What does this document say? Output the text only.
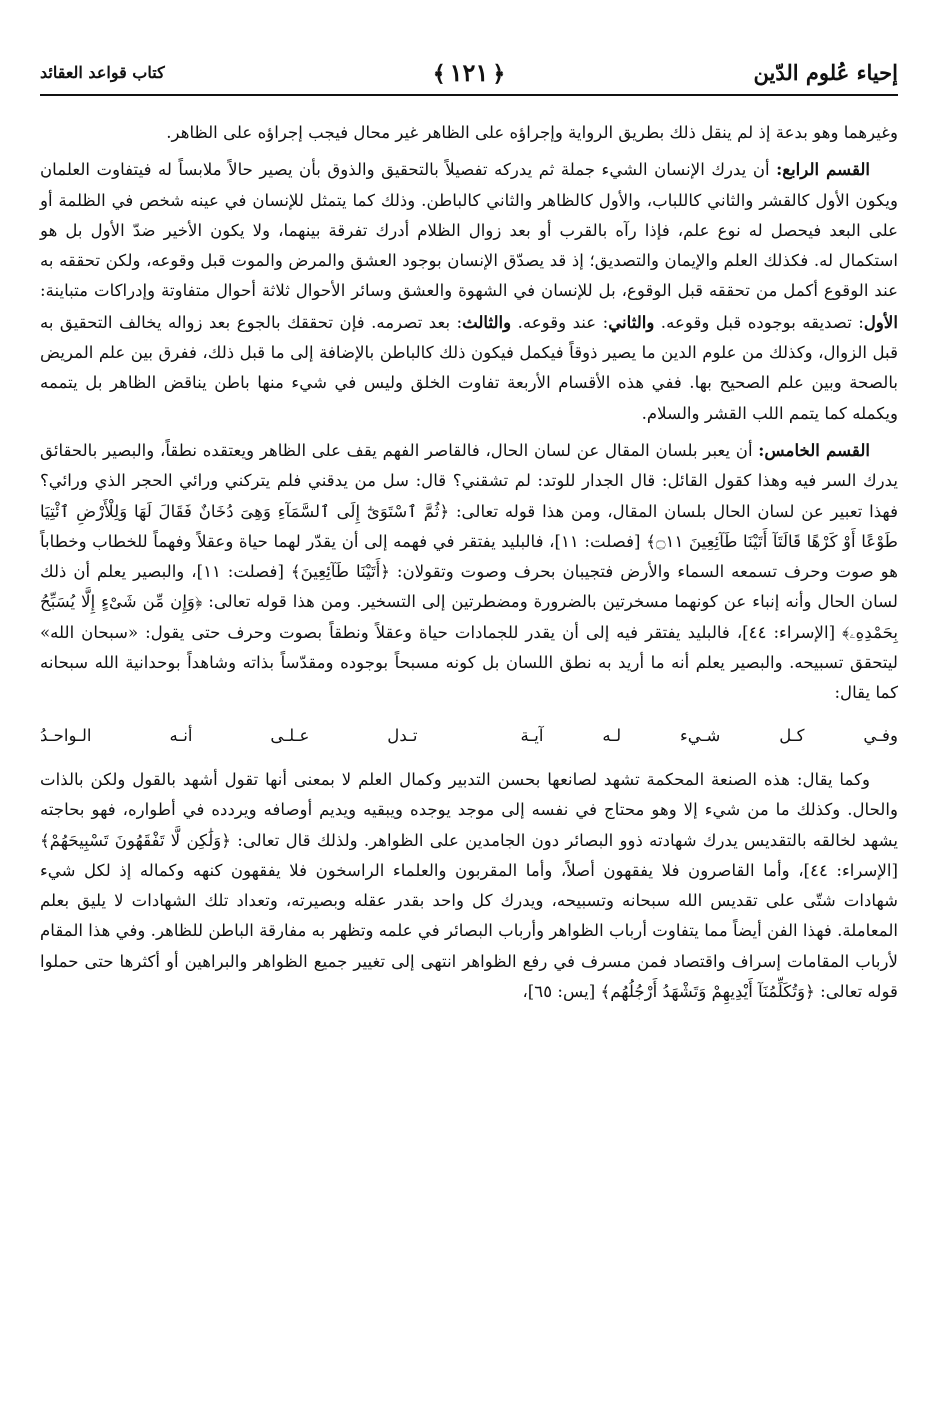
إحياء عُلوم الدّين
﴿١٢١﴾
كتاب قواعد العقائد

وغيرهما وهو بدعة إذ لم ينقل ذلك بطريق الرواية وإجراؤه على الظاهر غير محال فيجب إجراؤه على الظاهر.

القسم الرابع: أن يدرك الإنسان الشيء جملة ثم يدركه تفصيلاً بالتحقيق والذوق بأن يصير حالاً ملابساً له فيتفاوت العلمان ويكون الأول كالقشر والثاني كاللباب، والأول كالظاهر والثاني كالباطن. وذلك كما يتمثل للإنسان في عينه شخص في الظلمة أو على البعد فيحصل له نوع علم، فإذا رآه بالقرب أو بعد زوال الظلام أدرك تفرقة بينهما، ولا يكون الأخير ضدّ الأول بل هو استكمال له. فكذلك العلم والإيمان والتصديق؛ إذ قد يصدّق الإنسان بوجود العشق والمرض والموت قبل وقوعه، ولكن تحققه به عند الوقوع أكمل من تحققه قبل الوقوع، بل للإنسان في الشهوة والعشق وسائر الأحوال ثلاثة أحوال متفاوتة وإدراكات متباينة: الأول: تصديقه بوجوده قبل وقوعه. والثاني: عند وقوعه. والثالث: بعد تصرمه. فإن تحققك بالجوع بعد زواله يخالف التحقيق به قبل الزوال، وكذلك من علوم الدين ما يصير ذوقاً فيكمل فيكون ذلك كالباطن بالإضافة إلى ما قبل ذلك، ففرق بين علم المريض بالصحة وبين علم الصحيح بها. ففي هذه الأقسام الأربعة تفاوت الخلق وليس في شيء منها باطن يناقض الظاهر بل يتممه ويكمله كما يتمم اللب القشر والسلام.

القسم الخامس: أن يعبر بلسان المقال عن لسان الحال، فالقاصر الفهم يقف على الظاهر ويعتقده نطقاً، والبصير بالحقائق يدرك السر فيه وهذا كقول القائل: قال الجدار للوتد: لم تشقني؟ قال: سل من يدقني فلم يتركني ورائي الحجر الذي ورائي؟ فهذا تعبير عن لسان الحال بلسان المقال، ومن هذا قوله تعالى: ﴿ثُمَّ ٱسْتَوَىٰٓ إِلَى ٱلسَّمَآءِ وَهِىَ دُخَانٌ فَقَالَ لَهَا وَلِلْأَرْضِ ٱئْتِيَا طَوْعًا أَوْ كَرْهًا قَالَتَآ أَتَيْنَا طَآئِعِينَ ۝١١﴾ [فصلت: ١١]، فالبليد يفتقر في فهمه إلى أن يقدّر لهما حياة وعقلاً وفهماً للخطاب وخطاباً هو صوت وحرف تسمعه السماء والأرض فتجيبان بحرف وصوت وتقولان: ﴿أَتَيْنَا طَآئِعِينَ﴾ [فصلت: ١١]، والبصير يعلم أن ذلك لسان الحال وأنه إنباء عن كونهما مسخرتين بالضرورة ومضطرتين إلى التسخير. ومن هذا قوله تعالى: ﴿وَإِن مِّن شَىْءٍ إِلَّا يُسَبِّحُ بِحَمْدِهِۦ﴾ [الإسراء: ٤٤]، فالبليد يفتقر فيه إلى أن يقدر للجمادات حياة وعقلاً ونطقاً بصوت وحرف حتى يقول: «سبحان الله» ليتحقق تسبيحه. والبصير يعلم أنه ما أريد به نطق اللسان بل كونه مسبحاً بوجوده ومقدّساً بذاته وشاهداً بوحدانية الله سبحانه كما يقال:

وفـي
كـل
شـيء
لـه
آيـة
تـدل
عـلـى
أنـه
الـواحـدُ

وكما يقال: هذه الصنعة المحكمة تشهد لصانعها بحسن التدبير وكمال العلم لا بمعنى أنها تقول أشهد بالقول ولكن بالذات والحال. وكذلك ما من شيء إلا وهو محتاج في نفسه إلى موجد يوجده ويبقيه ويديم أوصافه ويردده في أطواره، فهو بحاجته يشهد لخالقه بالتقديس يدرك شهادته ذوو البصائر دون الجامدين على الظواهر. ولذلك قال تعالى: ﴿وَلَٰكِن لَّا تَفْقَهُونَ تَسْبِيحَهُمْ﴾ [الإسراء: ٤٤]، وأما القاصرون فلا يفقهون أصلاً، وأما المقربون والعلماء الراسخون فلا يفقهون كنهه وكماله إذ لكل شيء شهادات شتّى على تقديس الله سبحانه وتسبيحه، ويدرك كل واحد بقدر عقله وبصيرته، وتعداد تلك الشهادات لا يليق بعلم المعاملة. فهذا الفن أيضاً مما يتفاوت أرباب الظواهر وأرباب البصائر في علمه وتظهر به مفارقة الباطن للظاهر. وفي هذا المقام لأرباب المقامات إسراف واقتصاد فمن مسرف في رفع الظواهر انتهى إلى تغيير جميع الظواهر والبراهين أو أكثرها حتى حملوا قوله تعالى: ﴿وَتُكَلِّمُنَآ أَيْدِيهِمْ وَتَشْهَدُ أَرْجُلُهُم﴾ [يس: ٦٥]،
